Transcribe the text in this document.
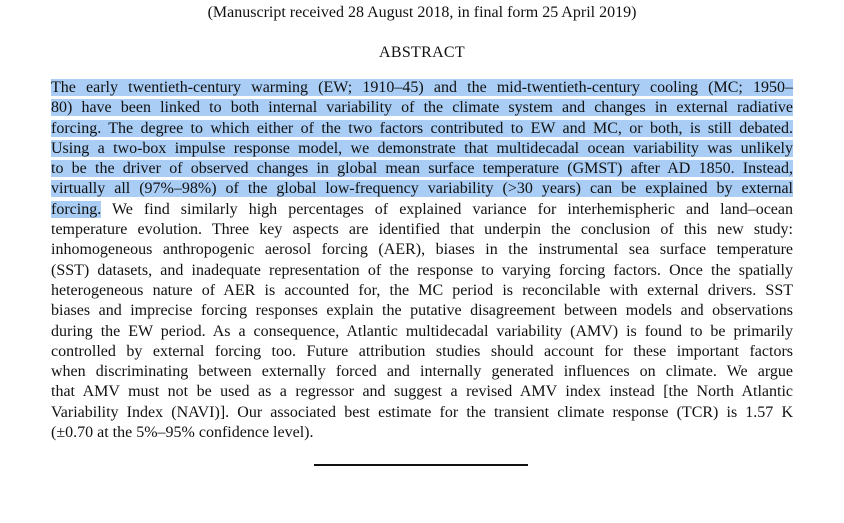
(Manuscript received 28 August 2018, in final form 25 April 2019)
ABSTRACT
The early twentieth-century warming (EW; 1910–45) and the mid-twentieth-century cooling (MC; 1950–
80) have been linked to both internal variability of the climate system and changes in external radiative
forcing. The degree to which either of the two factors contributed to EW and MC, or both, is still debated.
Using a two-box impulse response model, we demonstrate that multidecadal ocean variability was unlikely
to be the driver of observed changes in global mean surface temperature (GMST) after AD 1850. Instead,
virtually all (97%–98%) of the global low-frequency variability (>30 years) can be explained by external
forcing. We find similarly high percentages of explained variance for interhemispheric and land–ocean
temperature evolution. Three key aspects are identified that underpin the conclusion of this new study:
inhomogeneous anthropogenic aerosol forcing (AER), biases in the instrumental sea surface temperature
(SST) datasets, and inadequate representation of the response to varying forcing factors. Once the spatially
heterogeneous nature of AER is accounted for, the MC period is reconcilable with external drivers. SST
biases and imprecise forcing responses explain the putative disagreement between models and observations
during the EW period. As a consequence, Atlantic multidecadal variability (AMV) is found to be primarily
controlled by external forcing too. Future attribution studies should account for these important factors
when discriminating between externally forced and internally generated influences on climate. We argue
that AMV must not be used as a regressor and suggest a revised AMV index instead [the North Atlantic
Variability Index (NAVI)]. Our associated best estimate for the transient climate response (TCR) is 1.57 K
(±0.70 at the 5%–95% confidence level).
